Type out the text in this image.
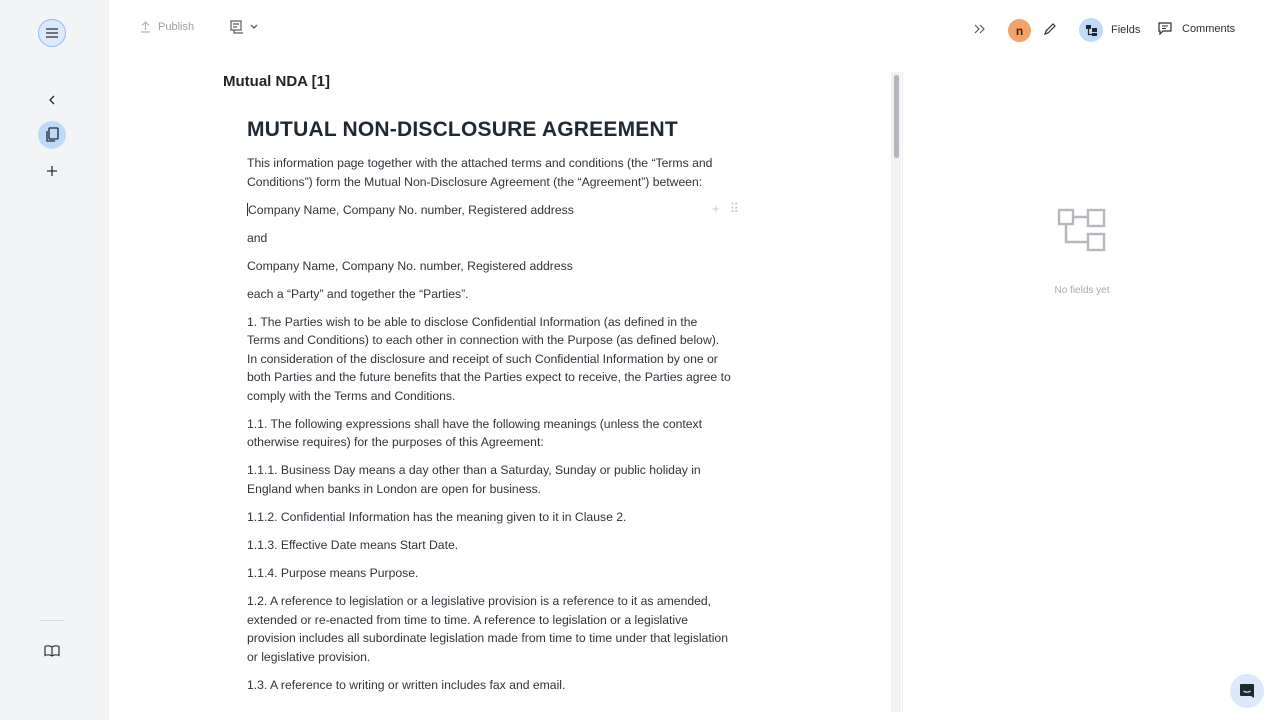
Publish	n	Fields	Comments
Mutual NDA [1]
MUTUAL NON-DISCLOSURE AGREEMENT

This information page together with the attached terms and conditions (the “Terms and Conditions”) form the Mutual Non-Disclosure Agreement (the “Agreement”) between:

Company Name, Company No. number, Registered address	+ ⠿

and

Company Name, Company No. number, Registered address

each a “Party” and together the “Parties”.

1. The Parties wish to be able to disclose Confidential Information (as defined in the Terms and Conditions) to each other in connection with the Purpose (as defined below). In consideration of the disclosure and receipt of such Confidential Information by one or both Parties and the future benefits that the Parties expect to receive, the Parties agree to comply with the Terms and Conditions.

1.1. The following expressions shall have the following meanings (unless the context otherwise requires) for the purposes of this Agreement:

1.1.1. Business Day means a day other than a Saturday, Sunday or public holiday in England when banks in London are open for business.

1.1.2. Confidential Information has the meaning given to it in Clause 2.

1.1.3. Effective Date means Start Date.

1.1.4. Purpose means Purpose.

1.2. A reference to legislation or a legislative provision is a reference to it as amended, extended or re-enacted from time to time. A reference to legislation or a legislative provision includes all subordinate legislation made from time to time under that legislation or legislative provision.

1.3. A reference to writing or written includes fax and email.

No fields yet
